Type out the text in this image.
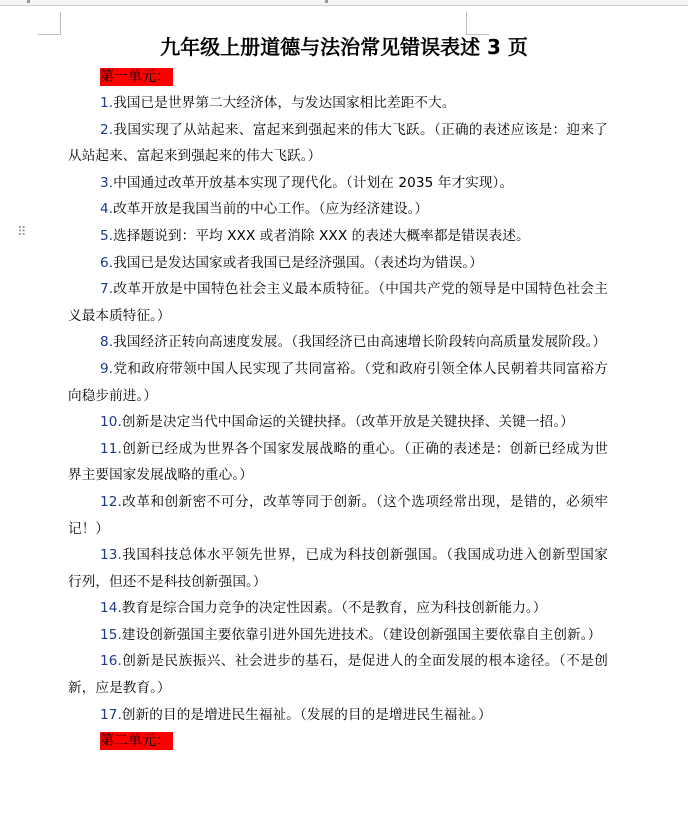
⠿
九年级上册道德与法治常见错误表述 3 页
第一单元：

1.我国已是世界第二大经济体，与发达国家相比差距不大。

2.我国实现了从站起来、富起来到强起来的伟大飞跃。（正确的表述应该是：迎来了从站起来、富起来到强起来的伟大飞跃。）

3.中国通过改革开放基本实现了现代化。（计划在 2035 年才实现）。

4.改革开放是我国当前的中心工作。（应为经济建设。）

5.选择题说到：平均 XXX 或者消除 XXX 的表述大概率都是错误表述。

6.我国已是发达国家或者我国已是经济强国。（表述均为错误。）

7.改革开放是中国特色社会主义最本质特征。（中国共产党的领导是中国特色社会主义最本质特征。）

8.我国经济正转向高速度发展。（我国经济已由高速增长阶段转向高质量发展阶段。）

9.党和政府带领中国人民实现了共同富裕。（党和政府引领全体人民朝着共同富裕方向稳步前进。）

10.创新是决定当代中国命运的关键抉择。（改革开放是关键抉择、关键一招。）

11.创新已经成为世界各个国家发展战略的重心。（正确的表述是：创新已经成为世界主要国家发展战略的重心。）

12.改革和创新密不可分，改革等同于创新。（这个选项经常出现，是错的，必须牢记！）

13.我国科技总体水平领先世界，已成为科技创新强国。（我国成功进入创新型国家行列，但还不是科技创新强国。）

14.教育是综合国力竞争的决定性因素。（不是教育，应为科技创新能力。）

15.建设创新强国主要依靠引进外国先进技术。（建设创新强国主要依靠自主创新。）

16.创新是民族振兴、社会进步的基石，是促进人的全面发展的根本途径。（不是创新，应是教育。）

17.创新的目的是增进民生福祉。（发展的目的是增进民生福祉。）

第二单元：
